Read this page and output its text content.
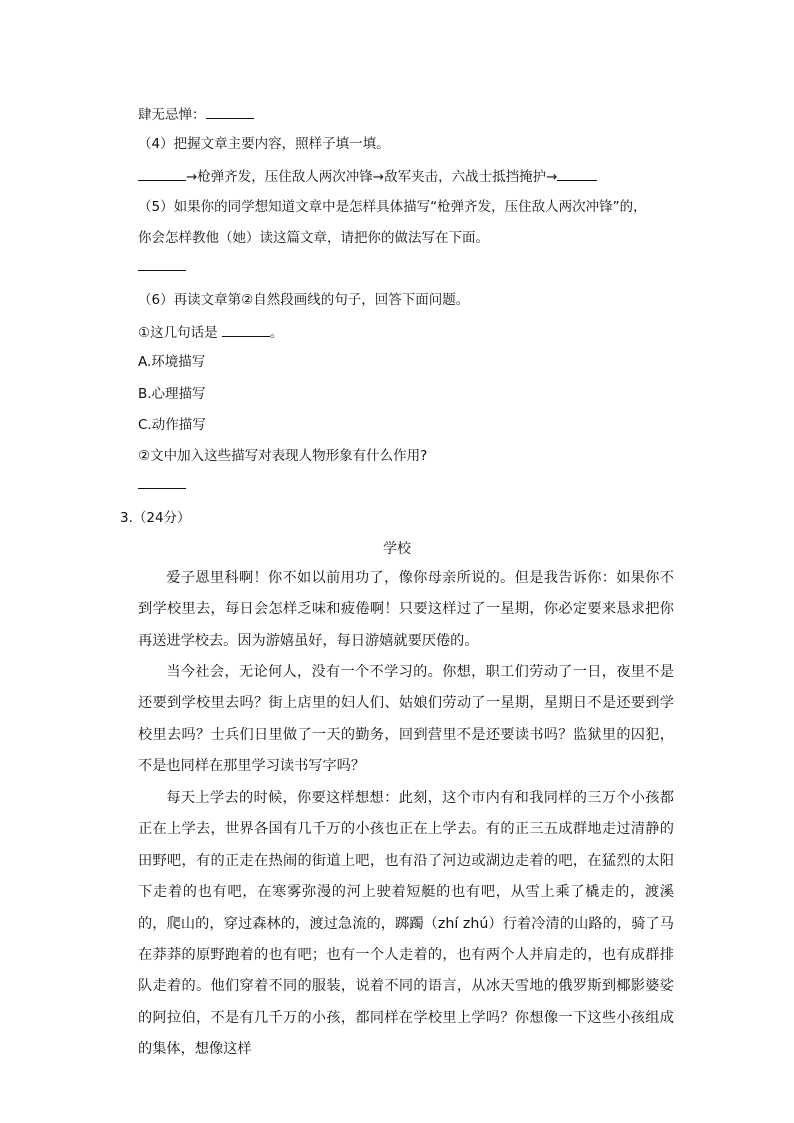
肆无忌惮：
（4）把握文章主要内容，照样子填一填。
→枪弹齐发，压住敌人两次冲锋→敌军夹击，六战士抵挡掩护→
（5）如果你的同学想知道文章中是怎样具体描写“枪弹齐发，压住敌人两次冲锋”的，
你会怎样教他（她）读这篇文章，请把你的做法写在下面。
（6）再读文章第②自然段画线的句子，回答下面问题。
①这几句话是	。
A.环境描写
B.心理描写
C.动作描写
②文中加入这些描写对表现人物形象有什么作用?
3.（24分）
学校
爱子恩里科啊！你不如以前用功了，像你母亲所说的。但是我告诉你：如果你不到学校里去，每日会怎样乏味和疲倦啊！只要这样过了一星期，你必定要来恳求把你再送进学校去。因为游嬉虽好，每日游嬉就要厌倦的。
当今社会，无论何人，没有一个不学习的。你想，职工们劳动了一日，夜里不是还要到学校里去吗？街上店里的妇人们、姑娘们劳动了一星期，星期日不是还要到学校里去吗？士兵们日里做了一天的勤务，回到营里不是还要读书吗？监狱里的囚犯，不是也同样在那里学习读书写字吗？
每天上学去的时候，你要这样想想：此刻，这个市内有和我同样的三万个小孩都正在上学去，世界各国有几千万的小孩也正在上学去。有的正三五成群地走过清静的田野吧，有的正走在热闹的街道上吧，也有沿了河边或湖边走着的吧，在猛烈的太阳下走着的也有吧，在寒雾弥漫的河上驶着短艇的也有吧，从雪上乘了橇走的，渡溪的，爬山的，穿过森林的，渡过急流的，踯躅（zhí zhú）行着冷清的山路的，骑了马在莽莽的原野跑着的也有吧；也有一个人走着的，也有两个人并肩走的，也有成群排队走着的。他们穿着不同的服装，说着不同的语言，从冰天雪地的俄罗斯到椰影婆娑的阿拉伯，不是有几千万的小孩，都同样在学校里上学吗？你想像一下这些小孩组成的集体，想像这样
